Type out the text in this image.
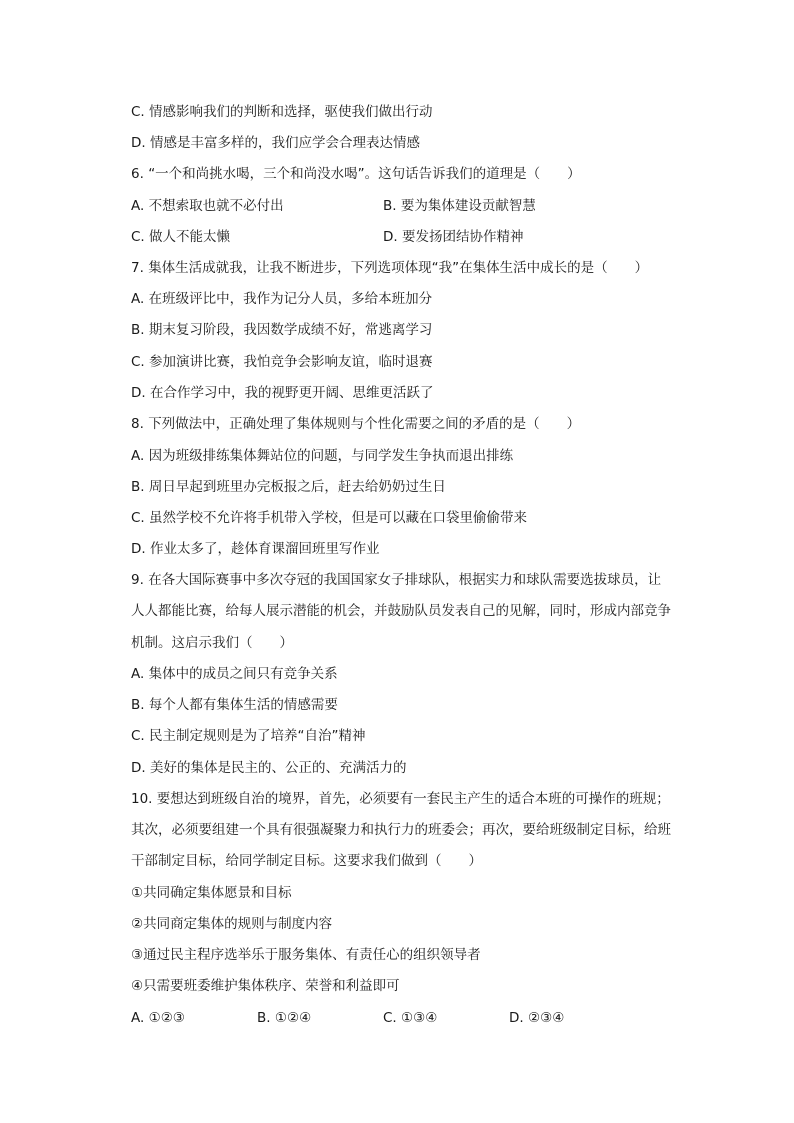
C. 情感影响我们的判断和选择，驱使我们做出行动
D. 情感是丰富多样的，我们应学会合理表达情感
6. “一个和尚挑水喝，三个和尚没水喝”。这句话告诉我们的道理是（　　）
A. 不想索取也就不必付出	B. 要为集体建设贡献智慧
C. 做人不能太懒	D. 要发扬团结协作精神
7. 集体生活成就我，让我不断进步，下列选项体现“我”在集体生活中成长的是（　　）
A. 在班级评比中，我作为记分人员，多给本班加分
B. 期末复习阶段，我因数学成绩不好，常逃离学习
C. 参加演讲比赛，我怕竞争会影响友谊，临时退赛
D. 在合作学习中，我的视野更开阔、思维更活跃了
8. 下列做法中，正确处理了集体规则与个性化需要之间的矛盾的是（　　）
A. 因为班级排练集体舞站位的问题，与同学发生争执而退出排练
B. 周日早起到班里办完板报之后，赶去给奶奶过生日
C. 虽然学校不允许将手机带入学校，但是可以藏在口袋里偷偷带来
D. 作业太多了，趁体育课溜回班里写作业
9. 在各大国际赛事中多次夺冠的我国国家女子排球队，根据实力和球队需要选拔球员，让
人人都能比赛，给每人展示潜能的机会，并鼓励队员发表自己的见解，同时，形成内部竞争
机制。这启示我们（　　）
A. 集体中的成员之间只有竞争关系
B. 每个人都有集体生活的情感需要
C. 民主制定规则是为了培养“自治”精神
D. 美好的集体是民主的、公正的、充满活力的
10. 要想达到班级自治的境界，首先，必须要有一套民主产生的适合本班的可操作的班规；
其次，必须要组建一个具有很强凝聚力和执行力的班委会；再次，要给班级制定目标，给班
干部制定目标，给同学制定目标。这要求我们做到（　　）
①共同确定集体愿景和目标
②共同商定集体的规则与制度内容
③通过民主程序选举乐于服务集体、有责任心的组织领导者
④只需要班委维护集体秩序、荣誉和利益即可
A. ①②③	B. ①②④	C. ①③④	D. ②③④
